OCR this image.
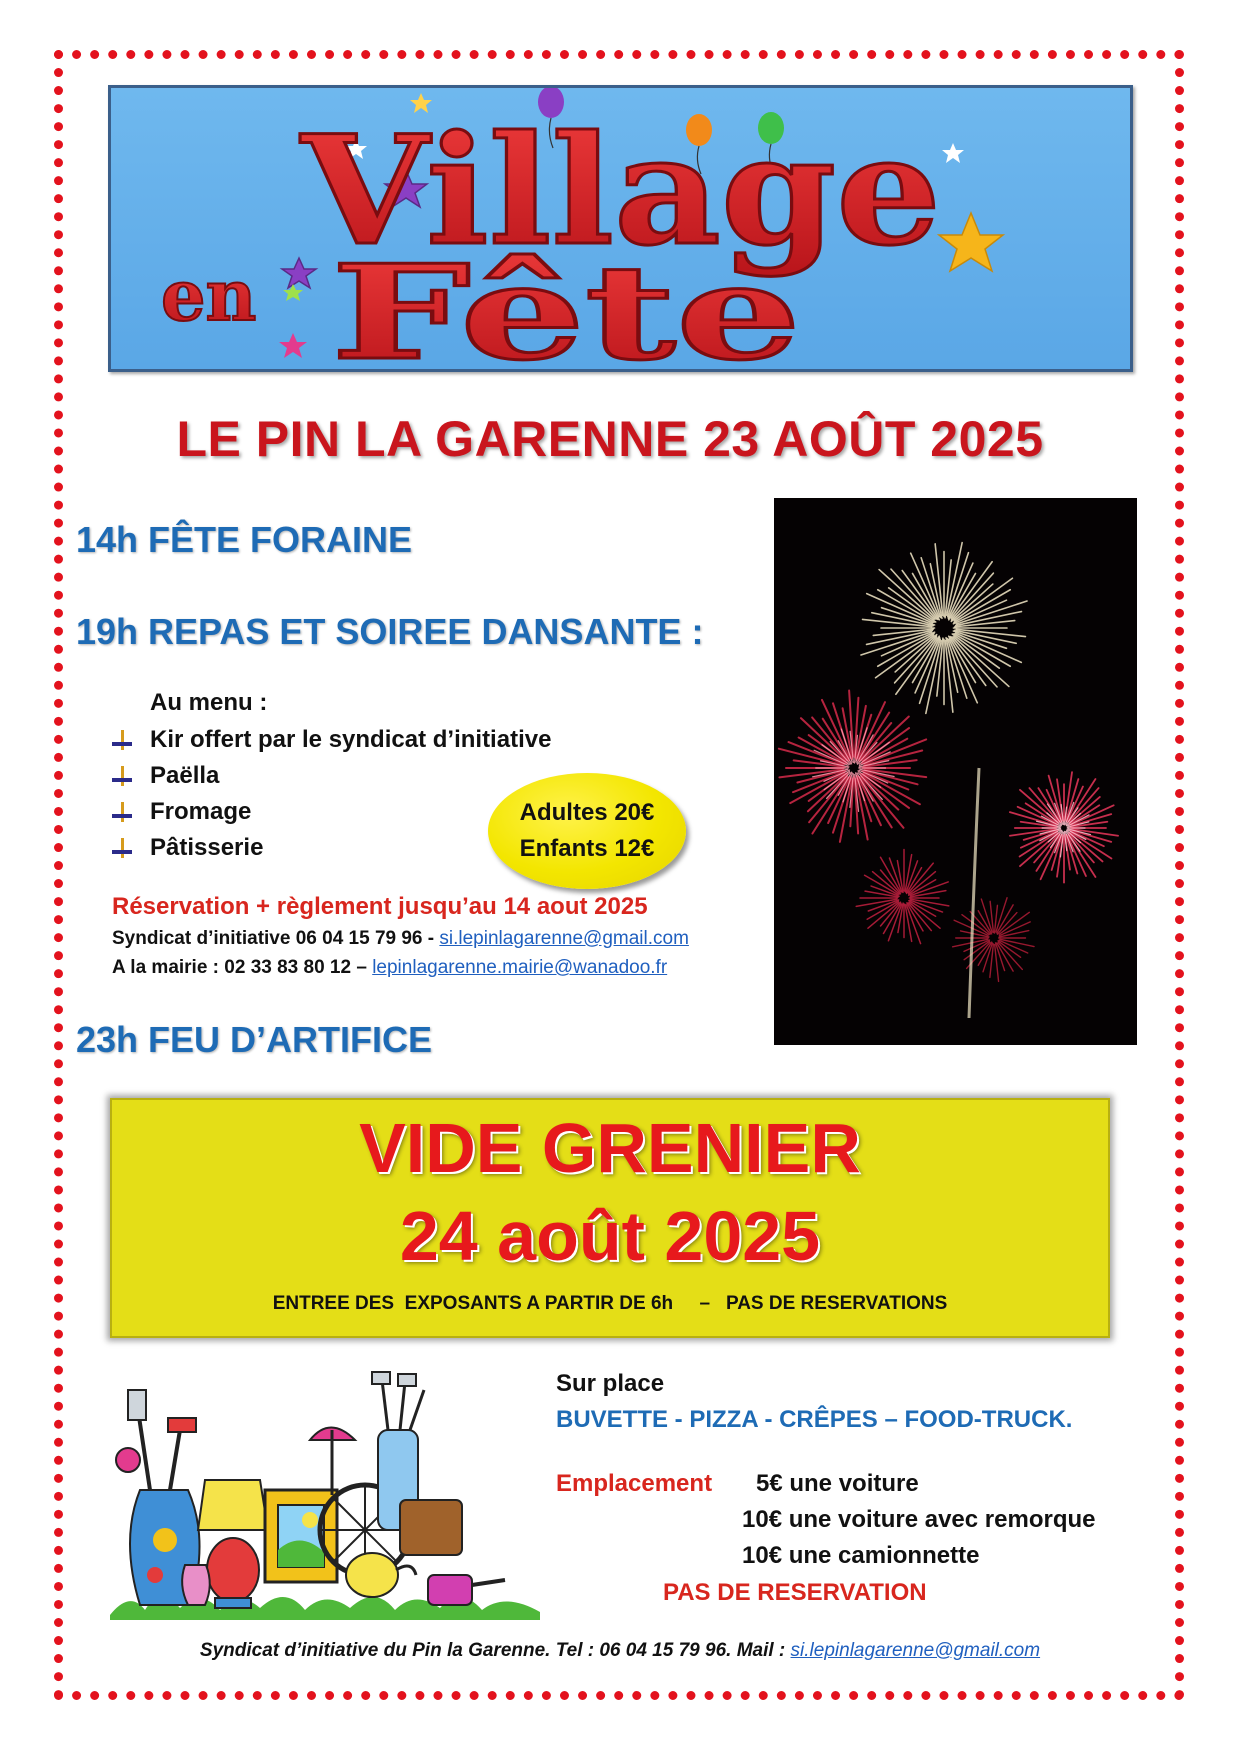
Village
en Fête
LE PIN LA GARENNE 23 AOÛT 2025
14h FÊTE FORAINE
19h REPAS ET SOIREE DANSANTE :
Au menu :
Kir offert par le syndicat d’initiative
Paëlla
Fromage
Pâtisserie
Adultes 20€
Enfants 12€
Réservation + règlement jusqu’au 14 aout 2025
Syndicat d’initiative 06 04 15 79 96 - si.lepinlagarenne@gmail.com
A la mairie : 02 33 83 80 12 – lepinlagarenne.mairie@wanadoo.fr
23h FEU D’ARTIFICE
VIDE GRENIER
24 août 2025
ENTREE DES  EXPOSANTS A PARTIR DE 6h     –   PAS DE RESERVATIONS
Sur place
BUVETTE - PIZZA - CRÊPES – FOOD-TRUCK.
Emplacement 5€ une voiture
10€ une voiture avec remorque
10€ une camionnette
PAS DE RESERVATION
Syndicat d’initiative du Pin la Garenne. Tel : 06 04 15 79 96. Mail : si.lepinlagarenne@gmail.com
